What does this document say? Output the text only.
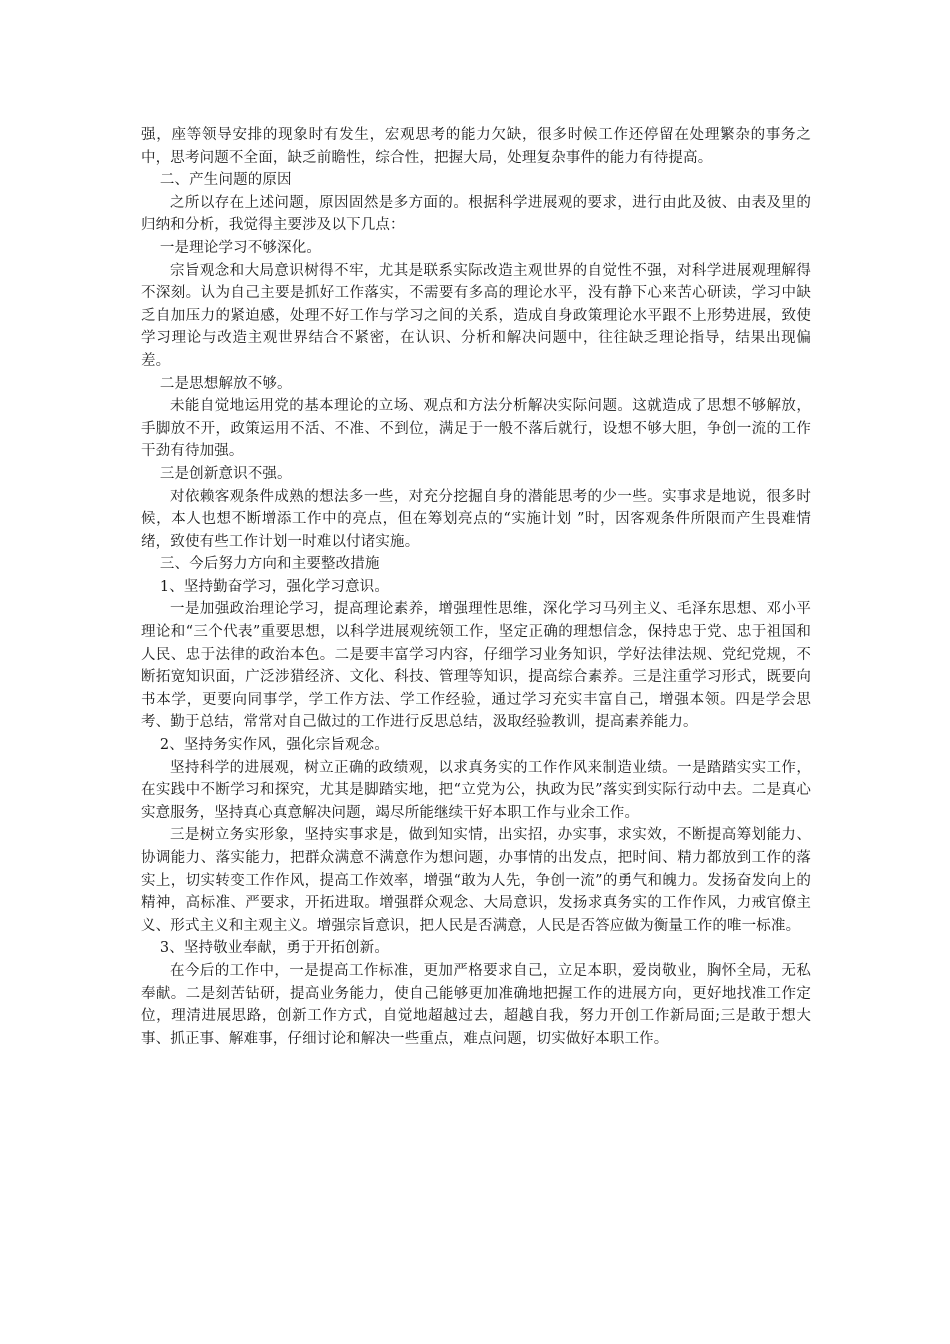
强，座等领导安排的现象时有发生，宏观思考的能力欠缺，很多时候工作还停留在处理繁杂的事务之中，思考问题不全面，缺乏前瞻性，综合性，把握大局，处理复杂事件的能力有待提高。

二、产生问题的原因

之所以存在上述问题，原因固然是多方面的。根据科学进展观的要求，进行由此及彼、由表及里的归纳和分析，我觉得主要涉及以下几点：

一是理论学习不够深化。

宗旨观念和大局意识树得不牢，尤其是联系实际改造主观世界的自觉性不强，对科学进展观理解得不深刻。认为自己主要是抓好工作落实，不需要有多高的理论水平，没有静下心来苦心研读，学习中缺乏自加压力的紧迫感，处理不好工作与学习之间的关系，造成自身政策理论水平跟不上形势进展，致使学习理论与改造主观世界结合不紧密，在认识、分析和解决问题中，往往缺乏理论指导，结果出现偏差。

二是思想解放不够。

未能自觉地运用党的基本理论的立场、观点和方法分析解决实际问题。这就造成了思想不够解放，手脚放不开，政策运用不活、不准、不到位，满足于一般不落后就行，设想不够大胆，争创一流的工作干劲有待加强。

三是创新意识不强。

对依赖客观条件成熟的想法多一些，对充分挖掘自身的潜能思考的少一些。实事求是地说，很多时候，本人也想不断增添工作中的亮点，但在筹划亮点的“实施计划 ”时，因客观条件所限而产生畏难情绪，致使有些工作计划一时难以付诸实施。

三、今后努力方向和主要整改措施

1、坚持勤奋学习，强化学习意识。

一是加强政治理论学习，提高理论素养，增强理性思维，深化学习马列主义、毛泽东思想、邓小平理论和“三个代表”重要思想，以科学进展观统领工作，坚定正确的理想信念，保持忠于党、忠于祖国和人民、忠于法律的政治本色。二是要丰富学习内容，仔细学习业务知识，学好法律法规、党纪党规，不断拓宽知识面，广泛涉猎经济、文化、科技、管理等知识，提高综合素养。三是注重学习形式，既要向书本学，更要向同事学，学工作方法、学工作经验，通过学习充实丰富自己，增强本领。四是学会思考、勤于总结，常常对自己做过的工作进行反思总结，汲取经验教训，提高素养能力。

2、坚持务实作风，强化宗旨观念。

坚持科学的进展观，树立正确的政绩观，以求真务实的工作作风来制造业绩。一是踏踏实实工作，在实践中不断学习和探究，尤其是脚踏实地，把“立党为公，执政为民”落实到实际行动中去。二是真心实意服务，坚持真心真意解决问题，竭尽所能继续干好本职工作与业余工作。

三是树立务实形象，坚持实事求是，做到知实情，出实招，办实事，求实效，不断提高筹划能力、协调能力、落实能力，把群众满意不满意作为想问题，办事情的出发点，把时间、精力都放到工作的落实上，切实转变工作作风，提高工作效率，增强“敢为人先，争创一流”的勇气和魄力。发扬奋发向上的精神，高标准、严要求，开拓进取。增强群众观念、大局意识，发扬求真务实的工作作风，力戒官僚主义、形式主义和主观主义。增强宗旨意识，把人民是否满意，人民是否答应做为衡量工作的唯一标准。

3、坚持敬业奉献，勇于开拓创新。

在今后的工作中，一是提高工作标准，更加严格要求自己，立足本职，爱岗敬业，胸怀全局，无私奉献。二是刻苦钻研，提高业务能力，使自己能够更加准确地把握工作的进展方向，更好地找准工作定位，理清进展思路，创新工作方式，自觉地超越过去，超越自我，努力开创工作新局面;三是敢于想大事、抓正事、解难事，仔细讨论和解决一些重点，难点问题，切实做好本职工作。
